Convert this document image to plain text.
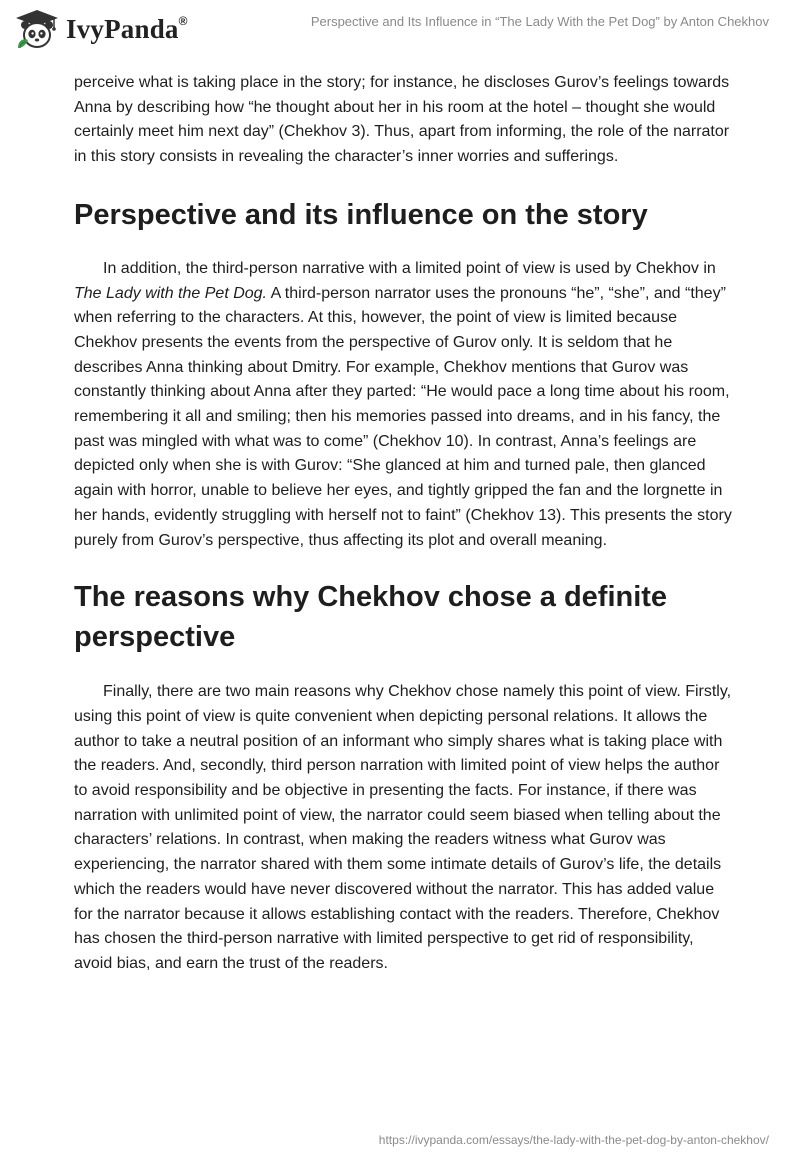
IvyPanda®	Perspective and Its Influence in “The Lady With the Pet Dog” by Anton Chekhov

perceive what is taking place in the story; for instance, he discloses Gurov’s feelings towards Anna by describing how “he thought about her in his room at the hotel – thought she would certainly meet him next day” (Chekhov 3). Thus, apart from informing, the role of the narrator in this story consists in revealing the character’s inner worries and sufferings.

Perspective and its influence on the story

In addition, the third-person narrative with a limited point of view is used by Chekhov in The Lady with the Pet Dog. A third-person narrator uses the pronouns “he”, “she”, and “they” when referring to the characters. At this, however, the point of view is limited because Chekhov presents the events from the perspective of Gurov only. It is seldom that he describes Anna thinking about Dmitry. For example, Chekhov mentions that Gurov was constantly thinking about Anna after they parted: “He would pace a long time about his room, remembering it all and smiling; then his memories passed into dreams, and in his fancy, the past was mingled with what was to come” (Chekhov 10). In contrast, Anna’s feelings are depicted only when she is with Gurov: “She glanced at him and turned pale, then glanced again with horror, unable to believe her eyes, and tightly gripped the fan and the lorgnette in her hands, evidently struggling with herself not to faint” (Chekhov 13). This presents the story purely from Gurov’s perspective, thus affecting its plot and overall meaning.

The reasons why Chekhov chose a definite perspective

Finally, there are two main reasons why Chekhov chose namely this point of view. Firstly, using this point of view is quite convenient when depicting personal relations. It allows the author to take a neutral position of an informant who simply shares what is taking place with the readers. And, secondly, third person narration with limited point of view helps the author to avoid responsibility and be objective in presenting the facts. For instance, if there was narration with unlimited point of view, the narrator could seem biased when telling about the characters’ relations. In contrast, when making the readers witness what Gurov was experiencing, the narrator shared with them some intimate details of Gurov’s life, the details which the readers would have never discovered without the narrator. This has added value for the narrator because it allows establishing contact with the readers. Therefore, Chekhov has chosen the third-person narrative with limited perspective to get rid of responsibility, avoid bias, and earn the trust of the readers.

https://ivypanda.com/essays/the-lady-with-the-pet-dog-by-anton-chekhov/
